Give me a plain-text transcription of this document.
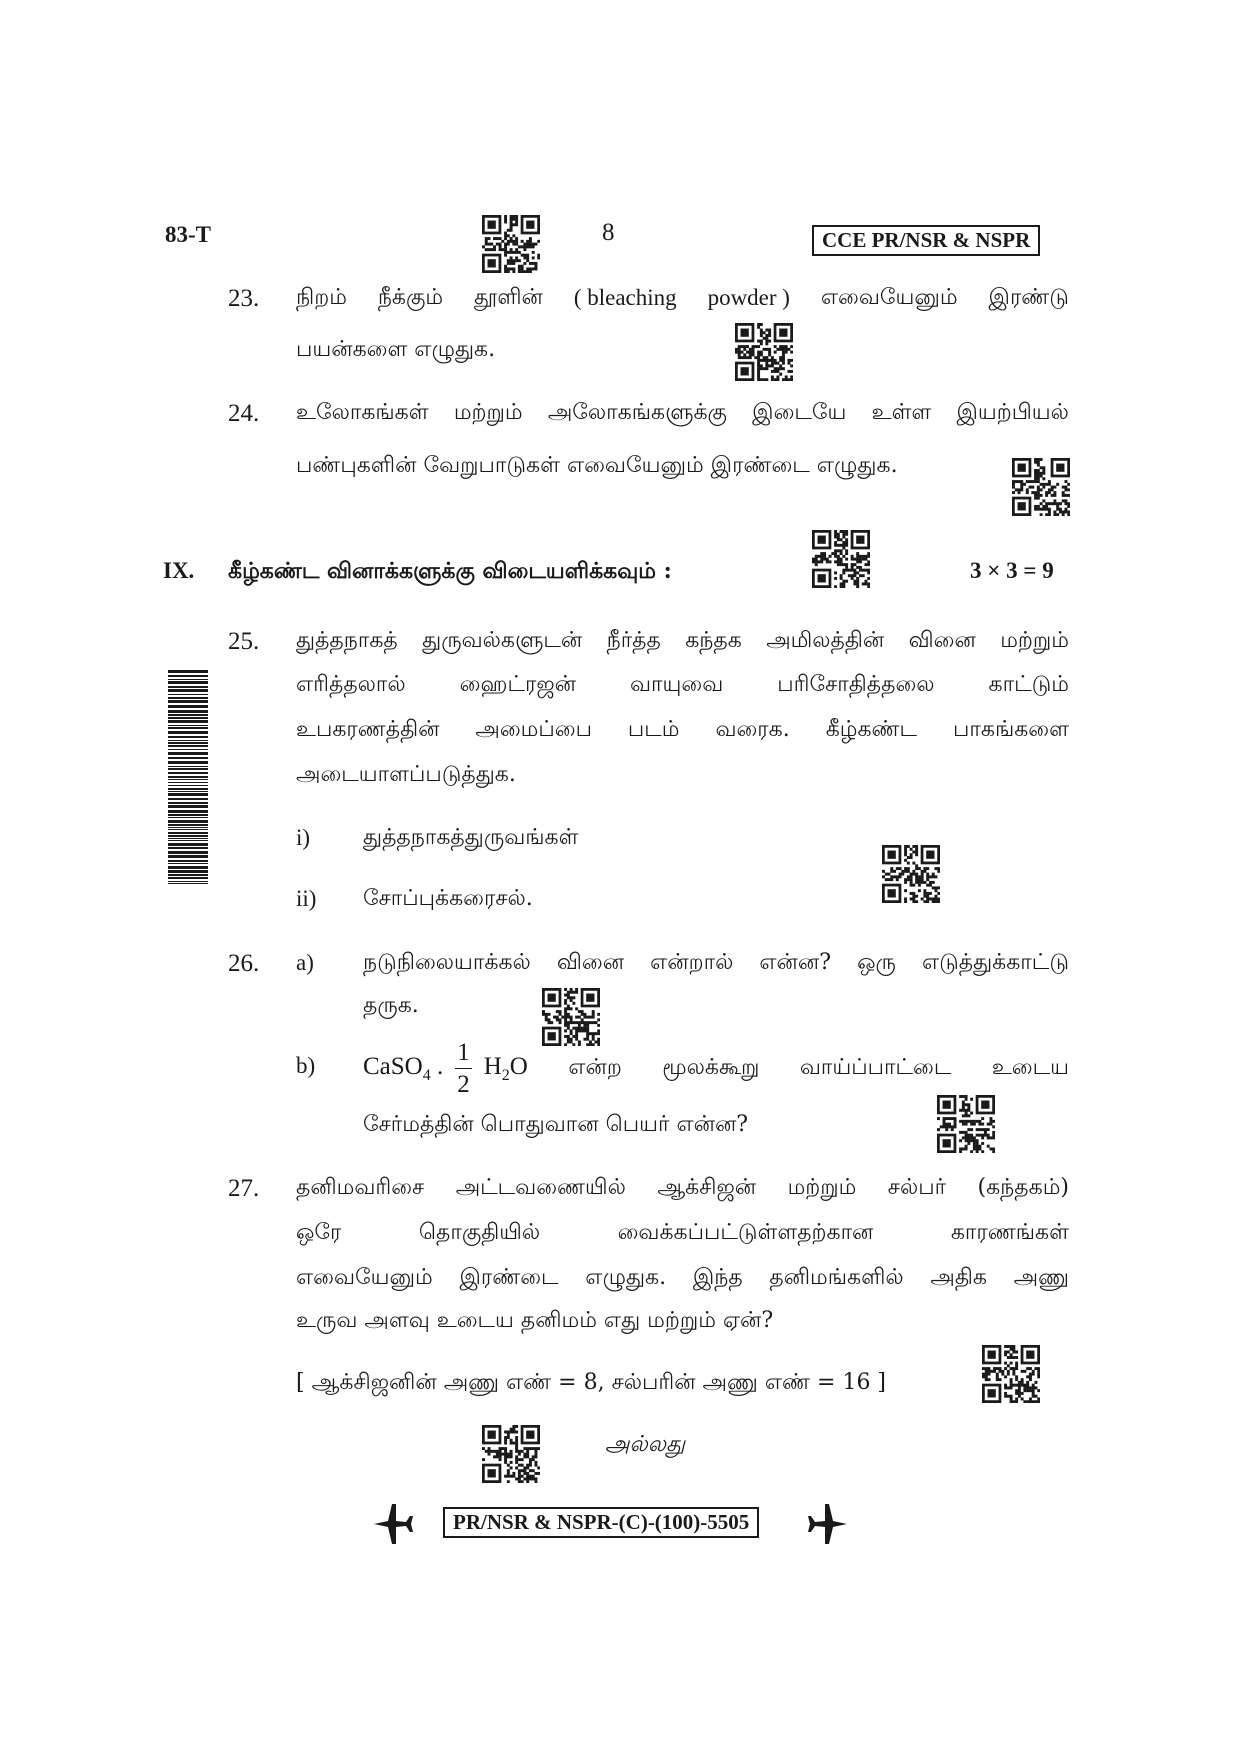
83-T	8	CCE PR/NSR & NSPR
23. நிறம் நீக்கும் தூளின் ( bleaching powder ) எவையேனும் இரண்டு
பயன்களை எழுதுக.
24. உலோகங்கள் மற்றும் அலோகங்களுக்கு இடையே உள்ள இயற்பியல்
பண்புகளின் வேறுபாடுகள் எவையேனும் இரண்டை எழுதுக.
IX. கீழ்கண்ட வினாக்களுக்கு விடையளிக்கவும் :	3 × 3 = 9
25. துத்தநாகத் துருவல்களுடன் நீர்த்த கந்தக அமிலத்தின் வினை மற்றும்
எரித்தலால் ஹைட்ரஜன் வாயுவை பரிசோதித்தலை காட்டும்
உபகரணத்தின் அமைப்பை படம் வரைக. கீழ்கண்ட பாகங்களை
அடையாளப்படுத்துக.
i) துத்தநாகத்துருவங்கள்
ii) சோப்புக்கரைசல்.
26. a) நடுநிலையாக்கல் வினை என்றால் என்ன? ஒரு எடுத்துக்காட்டு
தருக.
b) CaSO$_4$ . $\frac{1}{2} H_2O$ என்ற மூலக்கூறு வாய்ப்பாட்டை உடைய
சேர்மத்தின் பொதுவான பெயர் என்ன?
27. தனிமவரிசை அட்டவணையில் ஆக்சிஜன் மற்றும் சல்பர் (கந்தகம்)
ஒரே	தொகுதியில்	வைக்கப்பட்டுள்ளதற்கான	காரணங்கள்
எவையேனும் இரண்டை எழுதுக. இந்த தனிமங்களில் அதிக அணு
உருவ அளவு உடைய தனிமம் எது மற்றும் ஏன்?
[ ஆக்சிஜனின் அணு எண் = 8, சல்பரின் அணு எண் = 16 ]
அல்லது
PR/NSR & NSPR-(C)-(100)-5505
